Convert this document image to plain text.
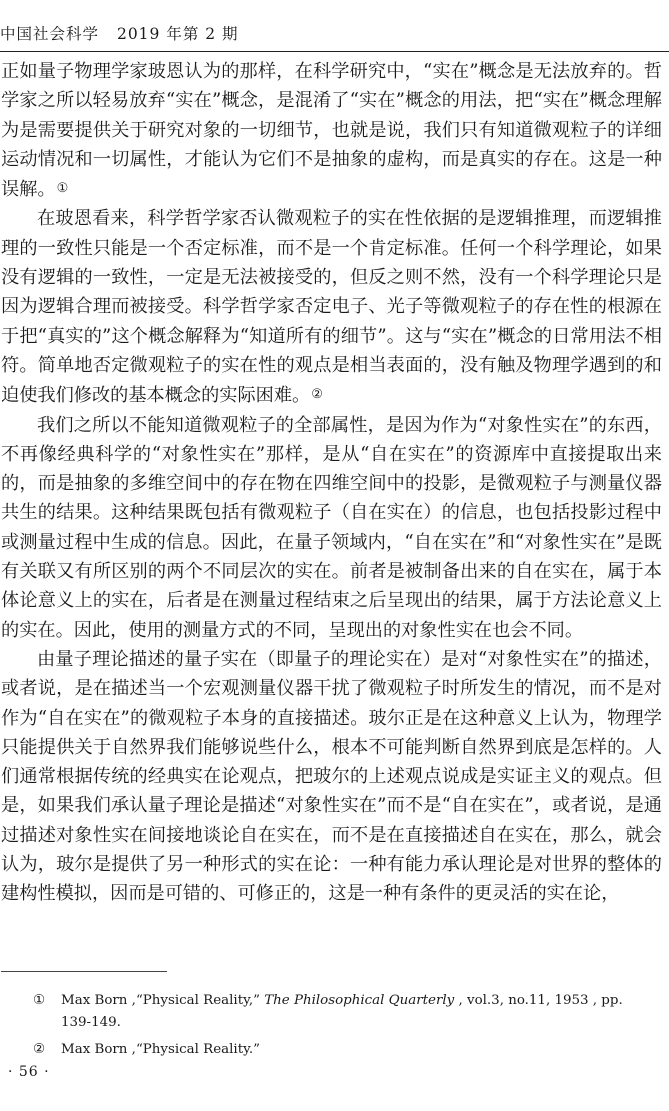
中国社会科学 2019 年第 2 期

正如量子物理学家玻恩认为的那样，在科学研究中，“实在”概念是无法放弃的。哲学家之所以轻易放弃“实在”概念，是混淆了“实在”概念的用法，把“实在”概念理解为是需要提供关于研究对象的一切细节，也就是说，我们只有知道微观粒子的详细运动情况和一切属性，才能认为它们不是抽象的虚构，而是真实的存在。这是一种误解。①

在玻恩看来，科学哲学家否认微观粒子的实在性依据的是逻辑推理，而逻辑推理的一致性只能是一个否定标准，而不是一个肯定标准。任何一个科学理论，如果没有逻辑的一致性，一定是无法被接受的，但反之则不然，没有一个科学理论只是因为逻辑合理而被接受。科学哲学家否定电子、光子等微观粒子的存在性的根源在于把“真实的”这个概念解释为“知道所有的细节”。这与“实在”概念的日常用法不相符。简单地否定微观粒子的实在性的观点是相当表面的，没有触及物理学遇到的和迫使我们修改的基本概念的实际困难。②

我们之所以不能知道微观粒子的全部属性，是因为作为“对象性实在”的东西，不再像经典科学的“对象性实在”那样，是从“自在实在”的资源库中直接提取出来的，而是抽象的多维空间中的存在物在四维空间中的投影，是微观粒子与测量仪器共生的结果。这种结果既包括有微观粒子（自在实在）的信息，也包括投影过程中或测量过程中生成的信息。因此，在量子领域内，“自在实在”和“对象性实在”是既有关联又有所区别的两个不同层次的实在。前者是被制备出来的自在实在，属于本体论意义上的实在，后者是在测量过程结束之后呈现出的结果，属于方法论意义上的实在。因此，使用的测量方式的不同，呈现出的对象性实在也会不同。

由量子理论描述的量子实在（即量子的理论实在）是对“对象性实在”的描述，或者说，是在描述当一个宏观测量仪器干扰了微观粒子时所发生的情况，而不是对作为“自在实在”的微观粒子本身的直接描述。玻尔正是在这种意义上认为，物理学只能提供关于自然界我们能够说些什么，根本不可能判断自然界到底是怎样的。人们通常根据传统的经典实在论观点，把玻尔的上述观点说成是实证主义的观点。但是，如果我们承认量子理论是描述“对象性实在”而不是“自在实在”，或者说，是通过描述对象性实在间接地谈论自在实在，而不是在直接描述自在实在，那么，就会认为，玻尔是提供了另一种形式的实在论：一种有能力承认理论是对世界的整体的建构性模拟，因而是可错的、可修正的，这是一种有条件的更灵活的实在论，

① Max Born ,“Physical Reality,” The Philosophical Quarterly , vol.3, no.11, 1953 , pp. 139-149.
② Max Born ,“Physical Reality.”
· 56 ·
